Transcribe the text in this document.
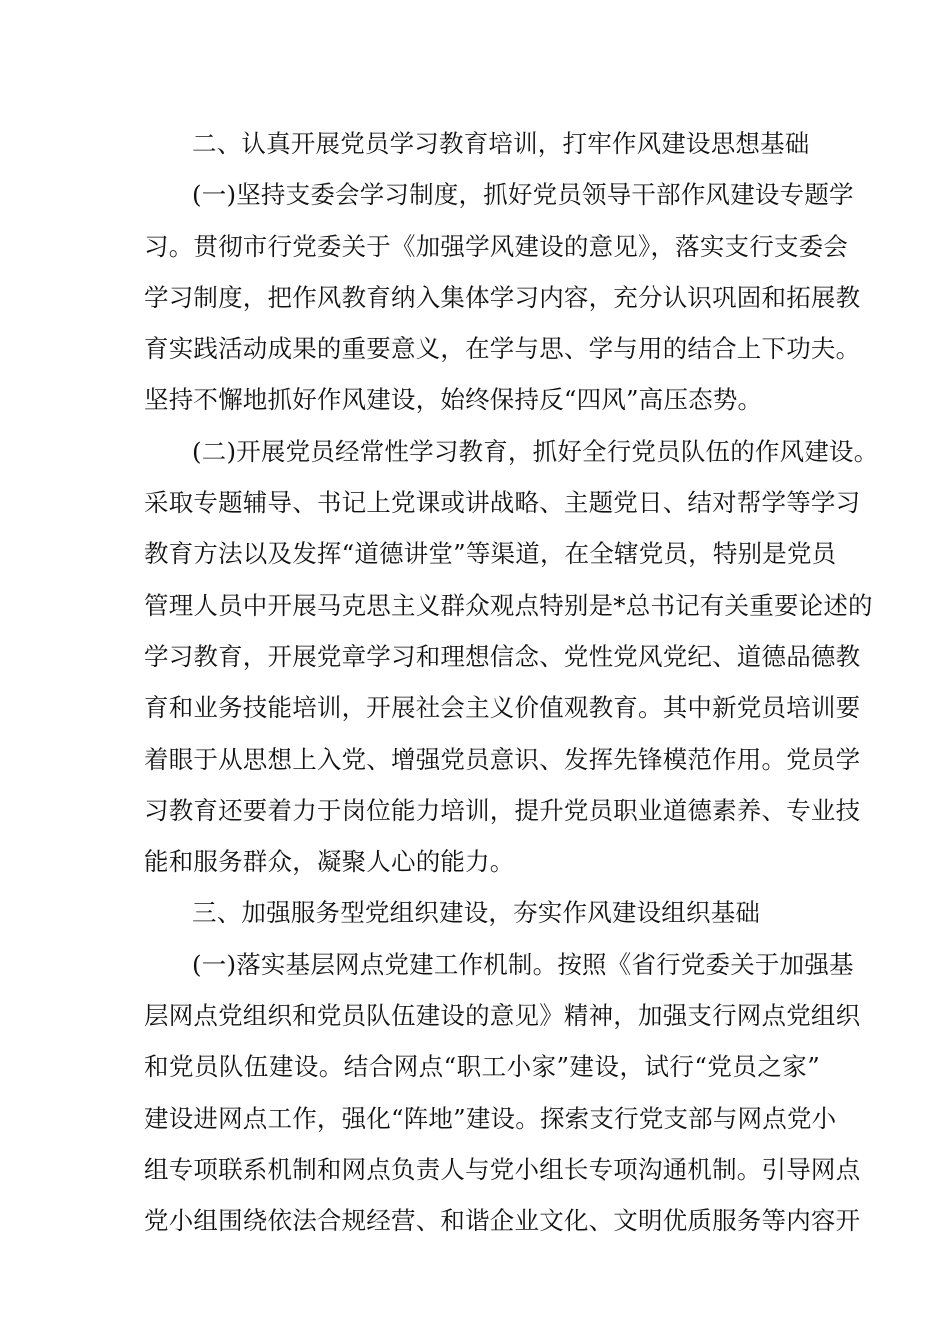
二、认真开展党员学习教育培训，打牢作风建设思想基础
(一)坚持支委会学习制度，抓好党员领导干部作风建设专题学
习。贯彻市行党委关于《加强学风建设的意见》，落实支行支委会
学习制度，把作风教育纳入集体学习内容，充分认识巩固和拓展教
育实践活动成果的重要意义，在学与思、学与用的结合上下功夫。
坚持不懈地抓好作风建设，始终保持反“四风”高压态势。
(二)开展党员经常性学习教育，抓好全行党员队伍的作风建设。
采取专题辅导、书记上党课或讲战略、主题党日、结对帮学等学习
教育方法以及发挥“道德讲堂”等渠道，在全辖党员，特别是党员
管理人员中开展马克思主义群众观点特别是*总书记有关重要论述的
学习教育，开展党章学习和理想信念、党性党风党纪、道德品德教
育和业务技能培训，开展社会主义价值观教育。其中新党员培训要
着眼于从思想上入党、增强党员意识、发挥先锋模范作用。党员学
习教育还要着力于岗位能力培训，提升党员职业道德素养、专业技
能和服务群众，凝聚人心的能力。
三、加强服务型党组织建设，夯实作风建设组织基础
(一)落实基层网点党建工作机制。按照《省行党委关于加强基
层网点党组织和党员队伍建设的意见》精神，加强支行网点党组织
和党员队伍建设。结合网点“职工小家”建设，试行“党员之家”
建设进网点工作，强化“阵地”建设。探索支行党支部与网点党小
组专项联系机制和网点负责人与党小组长专项沟通机制。引导网点
党小组围绕依法合规经营、和谐企业文化、文明优质服务等内容开
